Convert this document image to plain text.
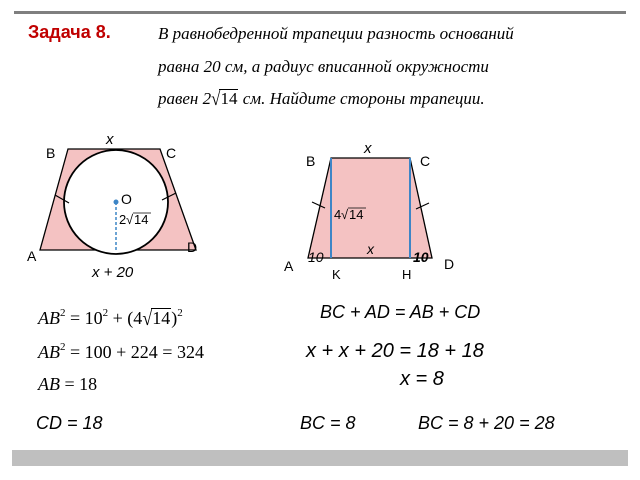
Задача 8.	В равнобедренной трапеции разность оснований
равна 20 см, а радиус вписанной окружности
равен 2√14 см. Найдите стороны трапеции.
x
B	C
O
2 √ 14
A
D
x + 20
x
B	C
4 √ 14
x
10	10
A	D
K	H
$AB^2 = 10^2 + (4√14)^2$
$AB^2 = 100 + 224 = 324$
AB = 18
BC + AD = AB + CD
x + x + 20 = 18 + 18
x = 8
CD = 18	BC = 8	BC = 8 + 20 = 28
